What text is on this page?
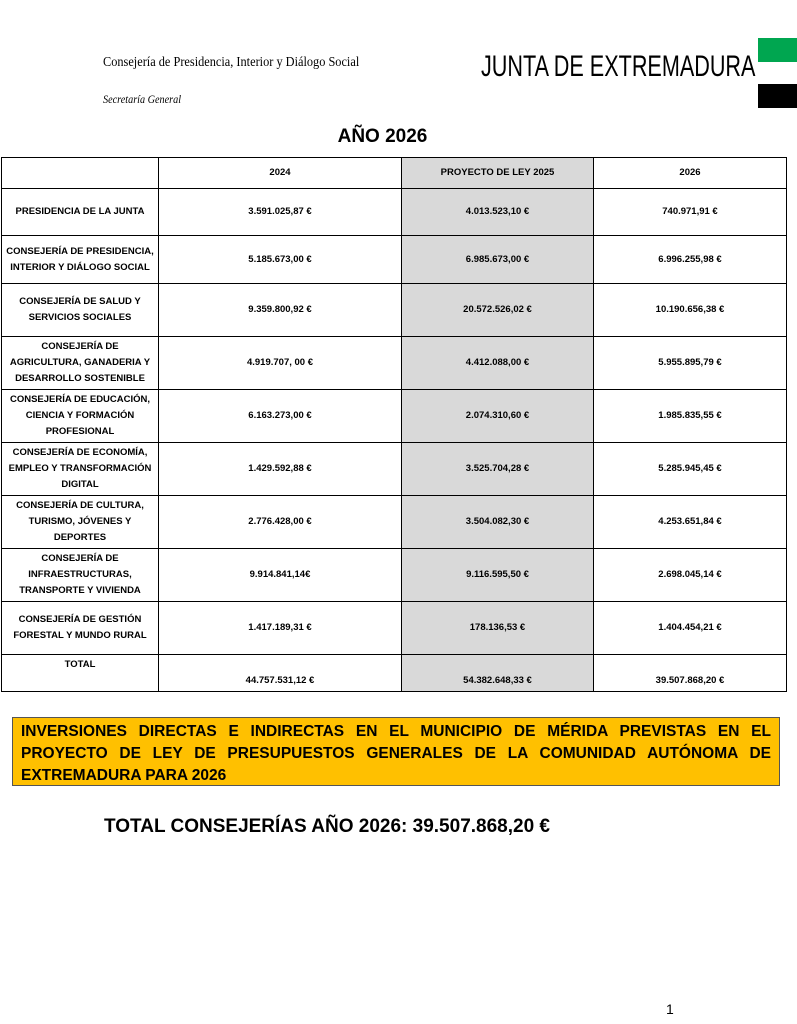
Consejería de Presidencia, Interior y Diálogo Social
Secretaría General
JUNTA DE EXTREMADURA
AÑO 2026
	2024	PROYECTO DE LEY 2025	2026
PRESIDENCIA DE LA JUNTA	3.591.025,87 €	4.013.523,10 €	740.971,91 €
CONSEJERÍA DE PRESIDENCIA, INTERIOR Y DIÁLOGO SOCIAL	5.185.673,00 €	6.985.673,00 €	6.996.255,98 €
CONSEJERÍA DE SALUD Y SERVICIOS SOCIALES	9.359.800,92 €	20.572.526,02 €	10.190.656,38 €
CONSEJERÍA DE AGRICULTURA, GANADERIA Y DESARROLLO SOSTENIBLE	4.919.707, 00 €	4.412.088,00 €	5.955.895,79 €
CONSEJERÍA DE EDUCACIÓN, CIENCIA Y FORMACIÓN PROFESIONAL	6.163.273,00 €	2.074.310,60 €	1.985.835,55 €
CONSEJERÍA DE ECONOMÍA, EMPLEO Y TRANSFORMACIÓN DIGITAL	1.429.592,88 €	3.525.704,28 €	5.285.945,45 €
CONSEJERÍA DE CULTURA, TURISMO, JÓVENES Y DEPORTES	2.776.428,00 €	3.504.082,30 €	4.253.651,84 €
CONSEJERÍA DE INFRAESTRUCTURAS, TRANSPORTE Y VIVIENDA	9.914.841,14€	9.116.595,50 €	2.698.045,14 €
CONSEJERÍA DE GESTIÓN FORESTAL Y MUNDO RURAL	1.417.189,31 €	178.136,53 €	1.404.454,21 €
TOTAL	44.757.531,12 €	54.382.648,33 €	39.507.868,20 €
INVERSIONES DIRECTAS E INDIRECTAS EN EL MUNICIPIO DE MÉRIDA PREVISTAS EN EL PROYECTO DE LEY DE PRESUPUESTOS GENERALES DE LA COMUNIDAD AUTÓNOMA DE EXTREMADURA PARA 2026
TOTAL CONSEJERÍAS AÑO 2026: 39.507.868,20 €
1
